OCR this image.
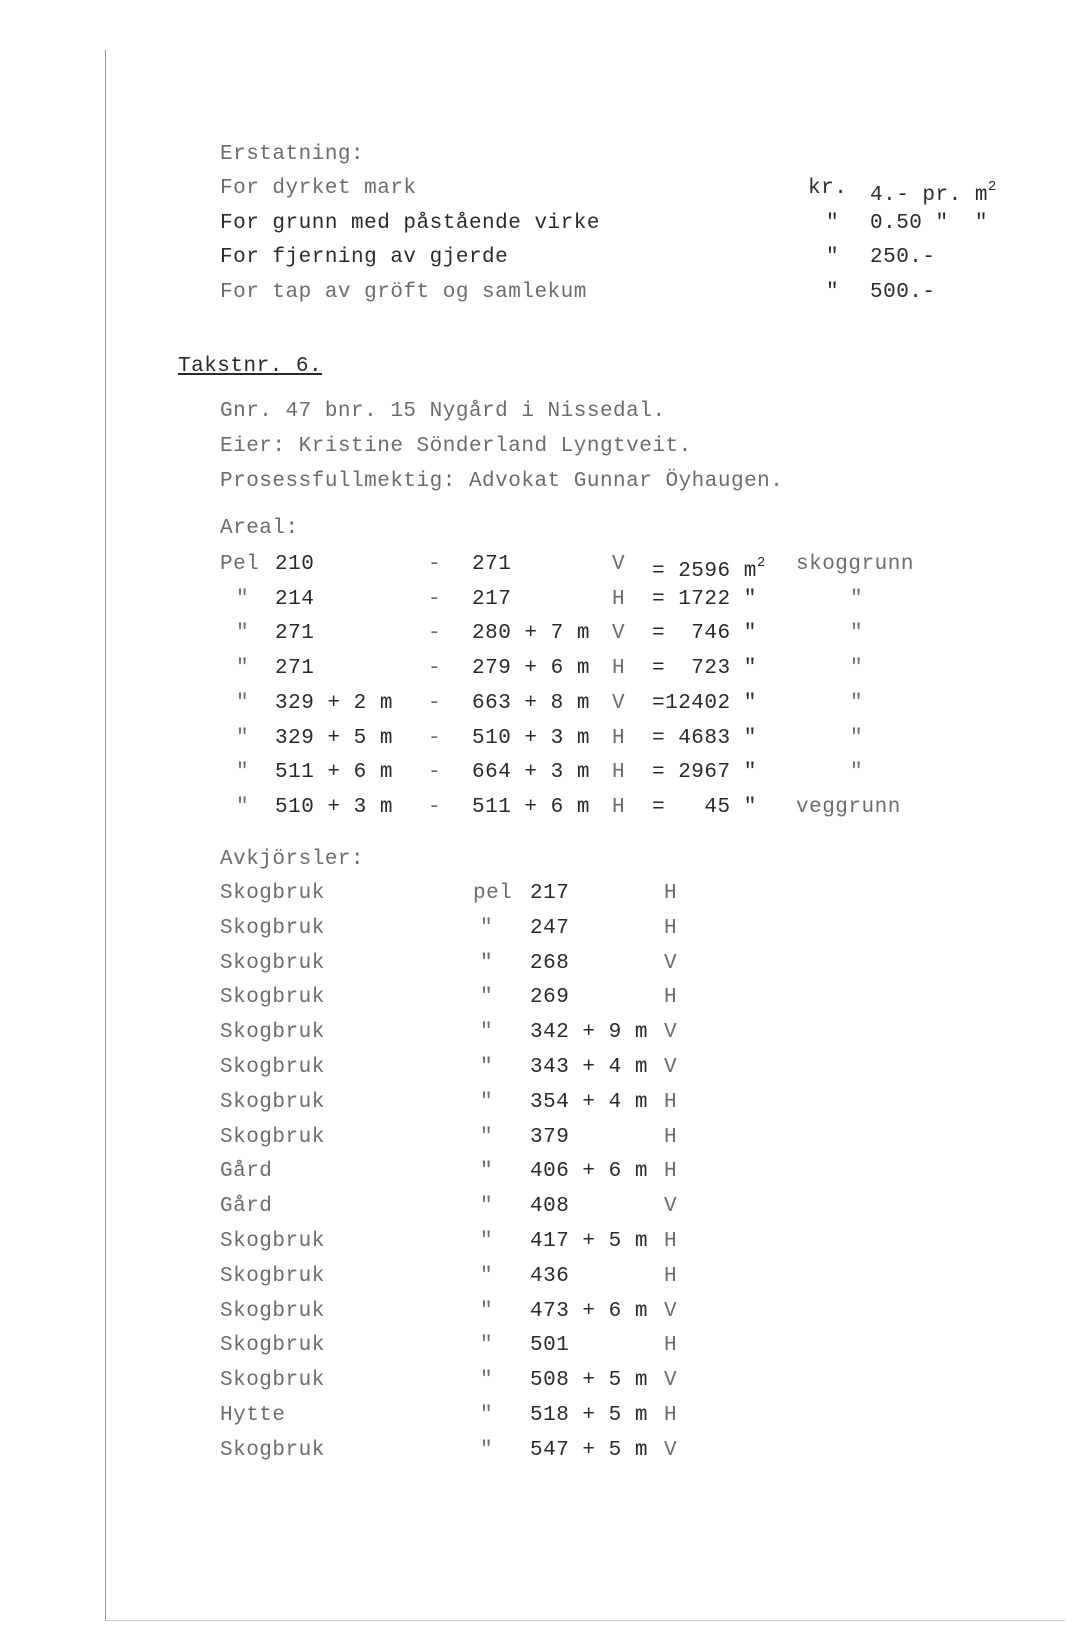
Erstatning:
For dyrket mark	kr. 4.- pr. $m^2$
For grunn med påstående virke	" 0.50 "  "
For fjerning av gjerde	" 250.-
For tap av gröft og samlekum	" 500.-
Takstnr. 6.
Gnr. 47 bnr. 15 Nygård i Nissedal.
Eier: Kristine Sönderland Lyngtveit.
Prosessfullmektig: Advokat Gunnar Öyhaugen.
Areal:
Pel 210	- 271	V = 2596 $m^2$ skoggrunn
" 214	- 217	H = 1722 "	"
" 271	- 280 + 7 m V =  746 "	"
" 271	- 279 + 6 m H =  723 "	"
" 329 + 2 m - 663 + 8 m V =12402 "	"
" 329 + 5 m - 510 + 3 m H = 4683 "	"
" 511 + 6 m - 664 + 3 m H = 2967 "	"
" 510 + 3 m - 511 + 6 m H =   45 " veggrunn
Avkjörsler:
Skogbruk	pel 217	H
Skogbruk	" 247	H
Skogbruk	" 268	V
Skogbruk	" 269	H
Skogbruk	" 342 + 9 m V
Skogbruk	" 343 + 4 m V
Skogbruk	" 354 + 4 m H
Skogbruk	" 379	H
Gård	" 406 + 6 m H
Gård	" 408	V
Skogbruk	" 417 + 5 m H
Skogbruk	" 436	H
Skogbruk	" 473 + 6 m V
Skogbruk	" 501	H
Skogbruk	" 508 + 5 m V
Hytte	" 518 + 5 m H
Skogbruk	" 547 + 5 m V
